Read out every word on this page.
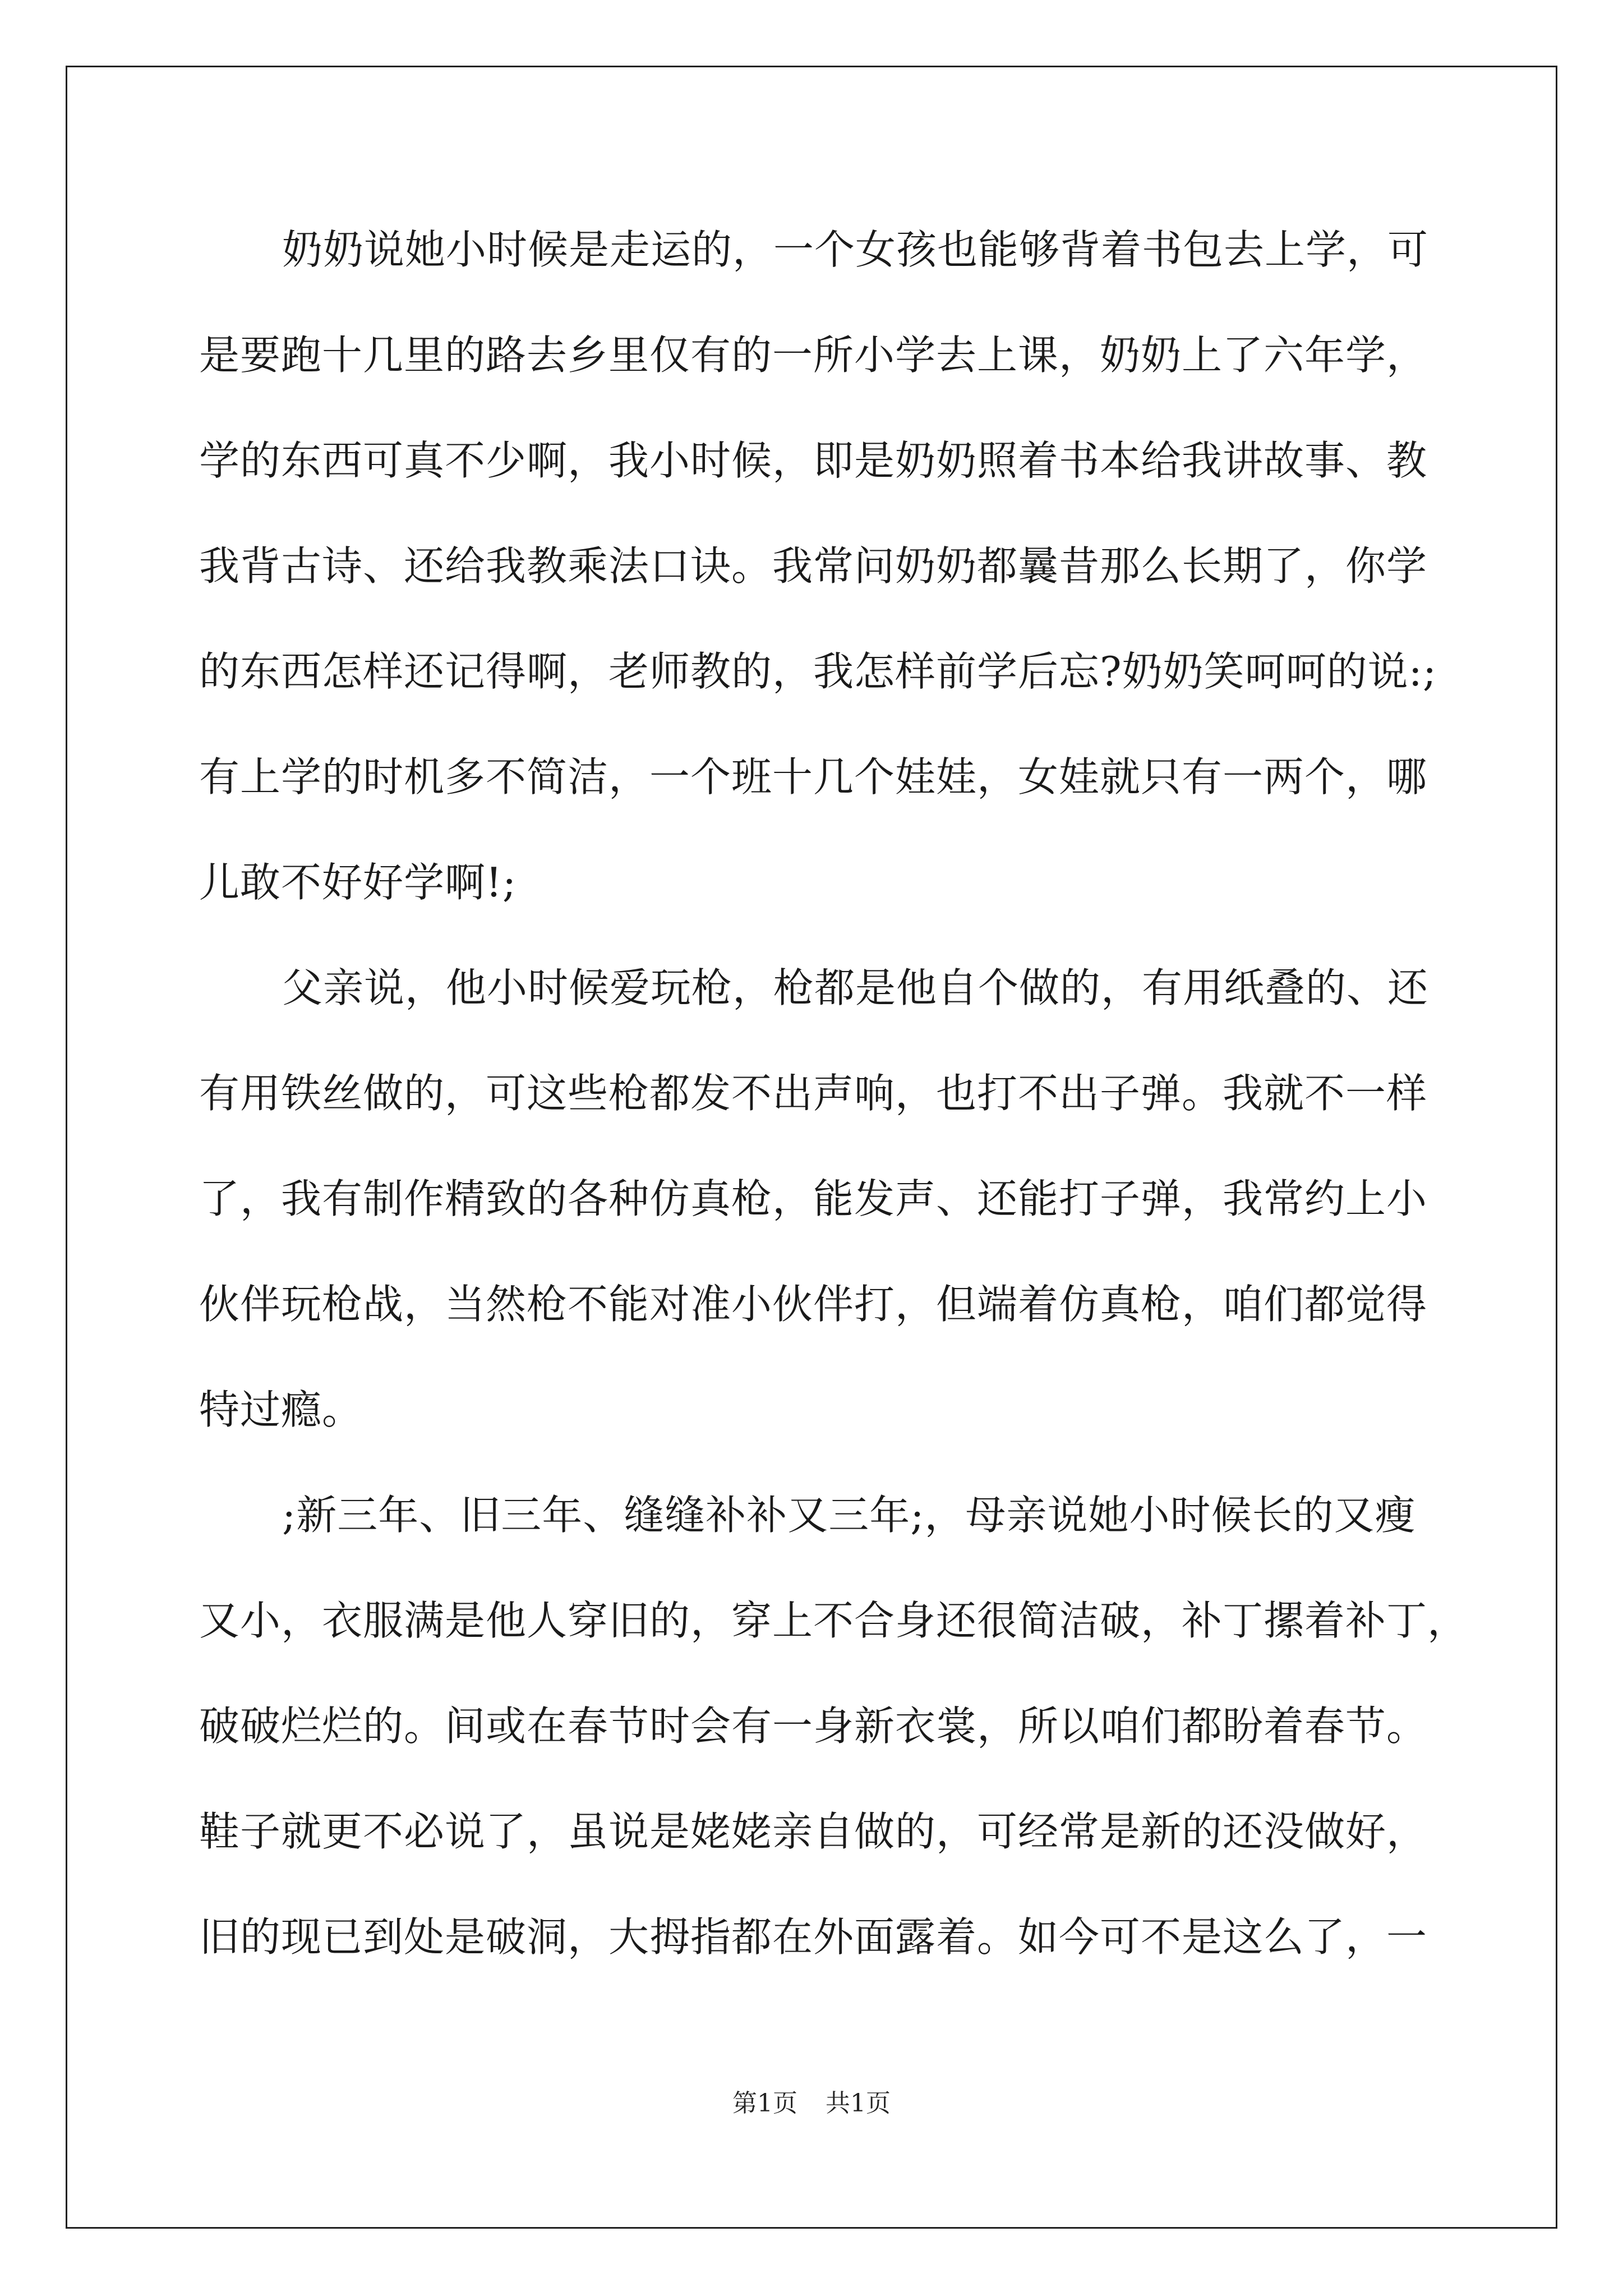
奶奶说她小时候是走运的，一个女孩也能够背着书包去上学，可
是要跑十几里的路去乡里仅有的一所小学去上课，奶奶上了六年学，
学的东西可真不少啊，我小时候，即是奶奶照着书本给我讲故事、教
我背古诗、还给我教乘法口诀。我常问奶奶都曩昔那么长期了，你学
的东西怎样还记得啊，老师教的，我怎样前学后忘?奶奶笑呵呵的说:;
有上学的时机多不简洁，一个班十几个娃娃，女娃就只有一两个，哪
儿敢不好好学啊!;
父亲说，他小时候爱玩枪，枪都是他自个做的，有用纸叠的、还
有用铁丝做的，可这些枪都发不出声响，也打不出子弹。我就不一样
了，我有制作精致的各种仿真枪，能发声、还能打子弹，我常约上小
伙伴玩枪战，当然枪不能对准小伙伴打，但端着仿真枪，咱们都觉得
特过瘾。
;新三年、旧三年、缝缝补补又三年;，母亲说她小时候长的又瘦
又小，衣服满是他人穿旧的，穿上不合身还很简洁破，补丁摞着补丁，
破破烂烂的。间或在春节时会有一身新衣裳，所以咱们都盼着春节。
鞋子就更不必说了，虽说是姥姥亲自做的，可经常是新的还没做好，
旧的现已到处是破洞，大拇指都在外面露着。如今可不是这么了，一
第1页 共1页
